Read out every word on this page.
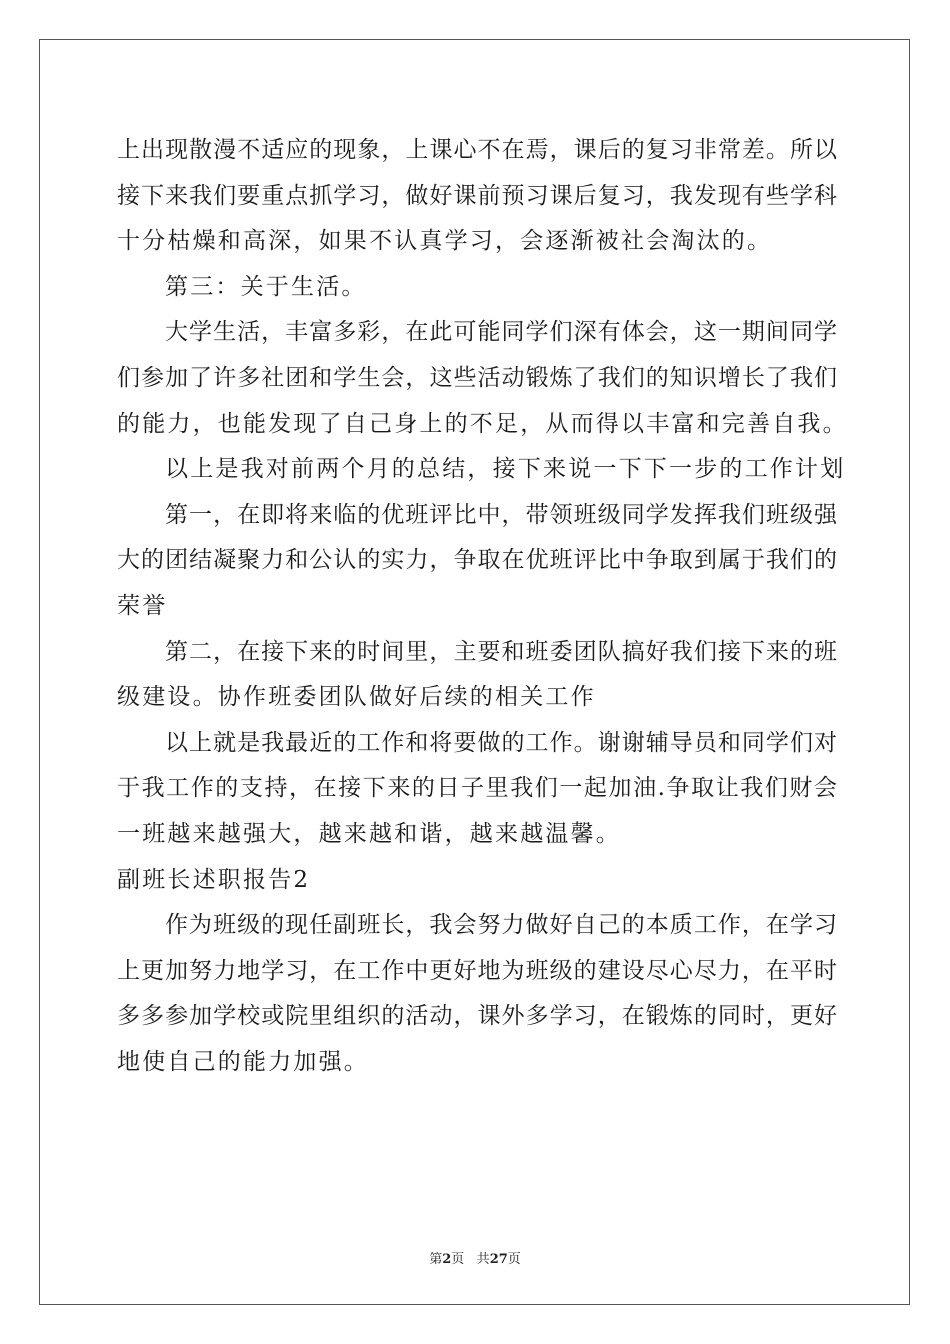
上出现散漫不适应的现象，上课心不在焉，课后的复习非常差。所以
接下来我们要重点抓学习，做好课前预习课后复习，我发现有些学科
十分枯燥和高深，如果不认真学习，会逐渐被社会淘汰的。
第三：关于生活。
大学生活，丰富多彩，在此可能同学们深有体会，这一期间同学
们参加了许多社团和学生会，这些活动锻炼了我们的知识增长了我们
的能力，也能发现了自己身上的不足，从而得以丰富和完善自我。
以上是我对前两个月的总结，接下来说一下下一步的工作计划
第一，在即将来临的优班评比中，带领班级同学发挥我们班级强
大的团结凝聚力和公认的实力，争取在优班评比中争取到属于我们的
荣誉
第二，在接下来的时间里，主要和班委团队搞好我们接下来的班
级建设。协作班委团队做好后续的相关工作
以上就是我最近的工作和将要做的工作。谢谢辅导员和同学们对
于我工作的支持，在接下来的日子里我们一起加油.争取让我们财会
一班越来越强大，越来越和谐，越来越温馨。
副班长述职报告2
作为班级的现任副班长，我会努力做好自己的本质工作，在学习
上更加努力地学习，在工作中更好地为班级的建设尽心尽力，在平时
多多参加学校或院里组织的活动，课外多学习，在锻炼的同时，更好
地使自己的能力加强。
第2页 共27页
